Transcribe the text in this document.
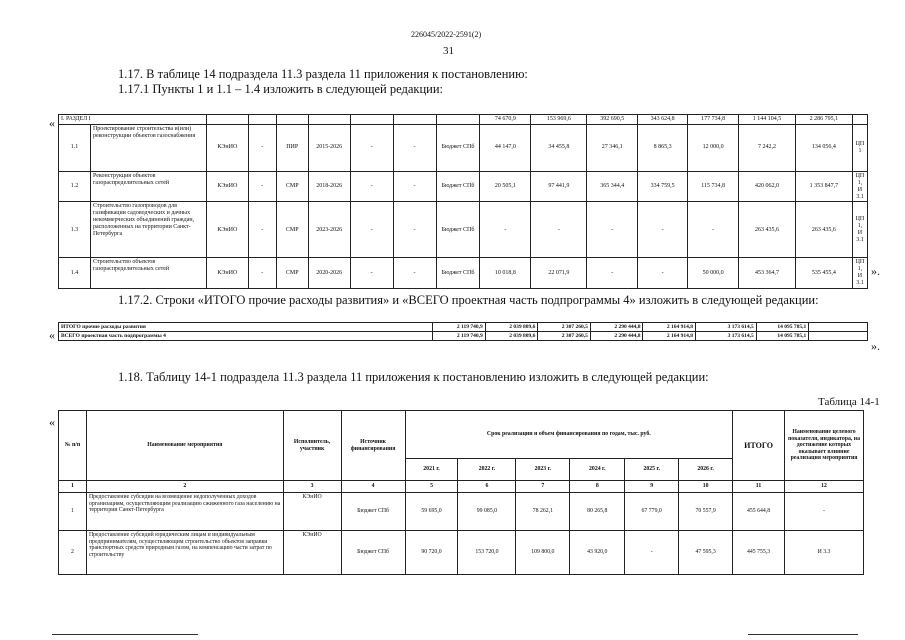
226045/2022-2591(2)
31
1.17. В таблице 14 подраздела 11.3 раздела 11 приложения к постановлению:
1.17.1 Пункты 1 и 1.1 – 1.4 изложить в следующей редакции:
« I. РАЗДЕЛ I									74 670,9	153 969,6	392 690,5	343 624,8	177 734,8	1 144 104,5	2 286 795,1	
1.1	Проектирование строительства и(или) реконструкции объектов газоснабжения	КЭнИО	-	ПИР	2015-2026	-	-	Бюджет СПб	44 147,0	34 455,8	27 346,1	8 865,3	12 000,0	7 242,2	134 056,4	ЦП 1
1.2	Реконструкция объектов газораспределительных сетей	КЭнИО	-	СМР	2018-2026	-	-	Бюджет СПб	20 505,1	97 441,9	365 344,4	334 759,5	115 734,8	420 062,0	1 353 847,7	ЦП 1, И 3.1
1.3	Строительство газопроводов для газификации садоводческих и дачных некоммерческих объединений граждан, расположенных на территории Санкт-Петербурга	КЭнИО	-	СМР	2023-2026	-	-	Бюджет СПб	-	-	-	-	-	263 435,6	263 435,6	ЦП 1, И 3.1
1.4	Строительство объектов газораспределительных сетей	КЭнИО	-	СМР	2020-2026	-	-	Бюджет СПб	10 018,8	22 071,9	-	-	50 000,0	453 364,7	535 455,4	ЦП 1, И 3.1
».
1.17.2. Строки «ИТОГО прочие расходы развития» и «ВСЕГО проектная часть подпрограммы 4» изложить в следующей редакции:
«
ИТОГО прочие расходы развития	2 119 740,9	2 039 809,6	2 307 260,5	2 290 444,8	2 164 914,8	3 173 614,5	14 095 785,1	
ВСЕГО проектная часть подпрограммы 4	2 119 740,9	2 039 809,6	2 307 260,5	2 290 444,8	2 164 914,8	3 173 614,5	14 095 785,1	
».
1.18. Таблицу 14-1 подраздела 11.3 раздела 11 приложения к постановлению изложить в следующей редакции:
Таблица 14-1
«
№ п/п	Наименование мероприятия	Исполнитель, участник	Источник финансирования	Срок реализации и объем финансирования по годам, тыс. руб.						ИТОГО	Наименование целевого показателя, индикатора, на достижение которых оказывает влияние реализация мероприятия
				2021 г.	2022 г.	2023 г.	2024 г.	2025 г.	2026 г.		
1	2	3	4	5	6	7	8	9	10	11	12
1	Предоставление субсидии на возмещение недополученных доходов организациям, осуществляющим реализацию сжиженного газа населению на территории Санкт-Петербурга	КЭнИО	Бюджет СПб	59 695,0	99 085,0	78 262,1	80 265,8	67 779,0	70 557,9	455 644,8	-
2	Предоставление субсидий юридическим лицам и индивидуальным предпринимателям, осуществляющим строительство объектов заправки транспортных средств природным газом, на компенсацию части затрат по строительству	КЭнИО	Бюджет СПб	90 720,0	153 720,0	109 800,0	43 920,0	-	47 595,3	445 755,3	И 3.3
